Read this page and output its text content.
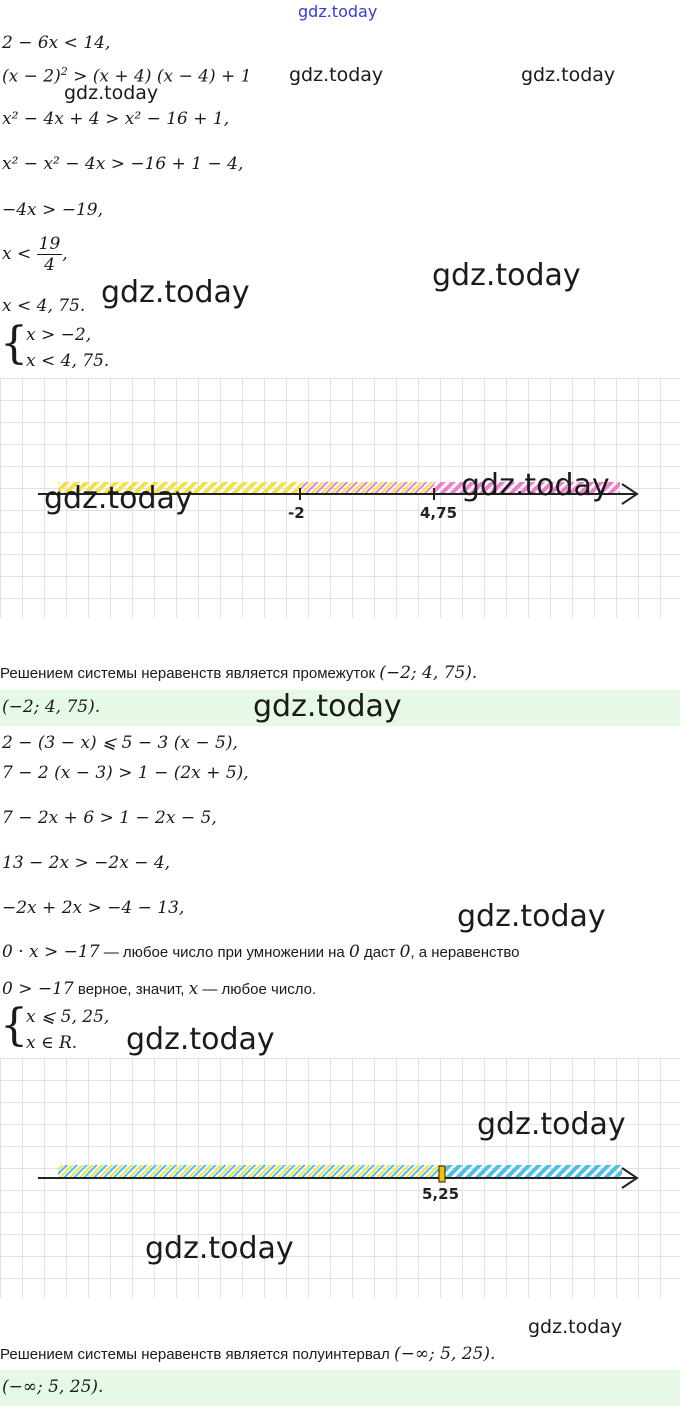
gdz.today
2 − 6x < 14,
$(x - 2)^2 > (x + 4)$ (x − 4) + 1 gdz.today	gdz.today
gdz.today
x² − 4x + 4 > x² − 16 + 1,
x² − x² − 4x > −16 + 1 − 4,
−4x > −19,
$x < \frac{19}{4}$ ,
gdz.today
x < 4, 75. gdz.today
{
x > −2,
x < 4, 75.
-2	4,75
gdz.today	gdz.today
Решением системы неравенств является промежуток (−2; 4, 75).
(−2; 4, 75).	gdz.today
2 − (3 − x) ⩽ 5 − 3 (x − 5),
7 − 2 (x − 3) > 1 − (2x + 5),
7 − 2x + 6 > 1 − 2x − 5,
13 − 2x > −2x − 4,
−2x + 2x > −4 − 13,	gdz.today
0 · x > −17 — любое число при умножении на 0 даст 0, а неравенство
0 > −17 верное, значит, x — любое число.
{
x ⩽ 5, 25,
x ∈ R. gdz.today
5,25
gdz.today
gdz.today
gdz.today
Решением системы неравенств является полуинтервал (−∞; 5, 25).
(−∞; 5, 25).
